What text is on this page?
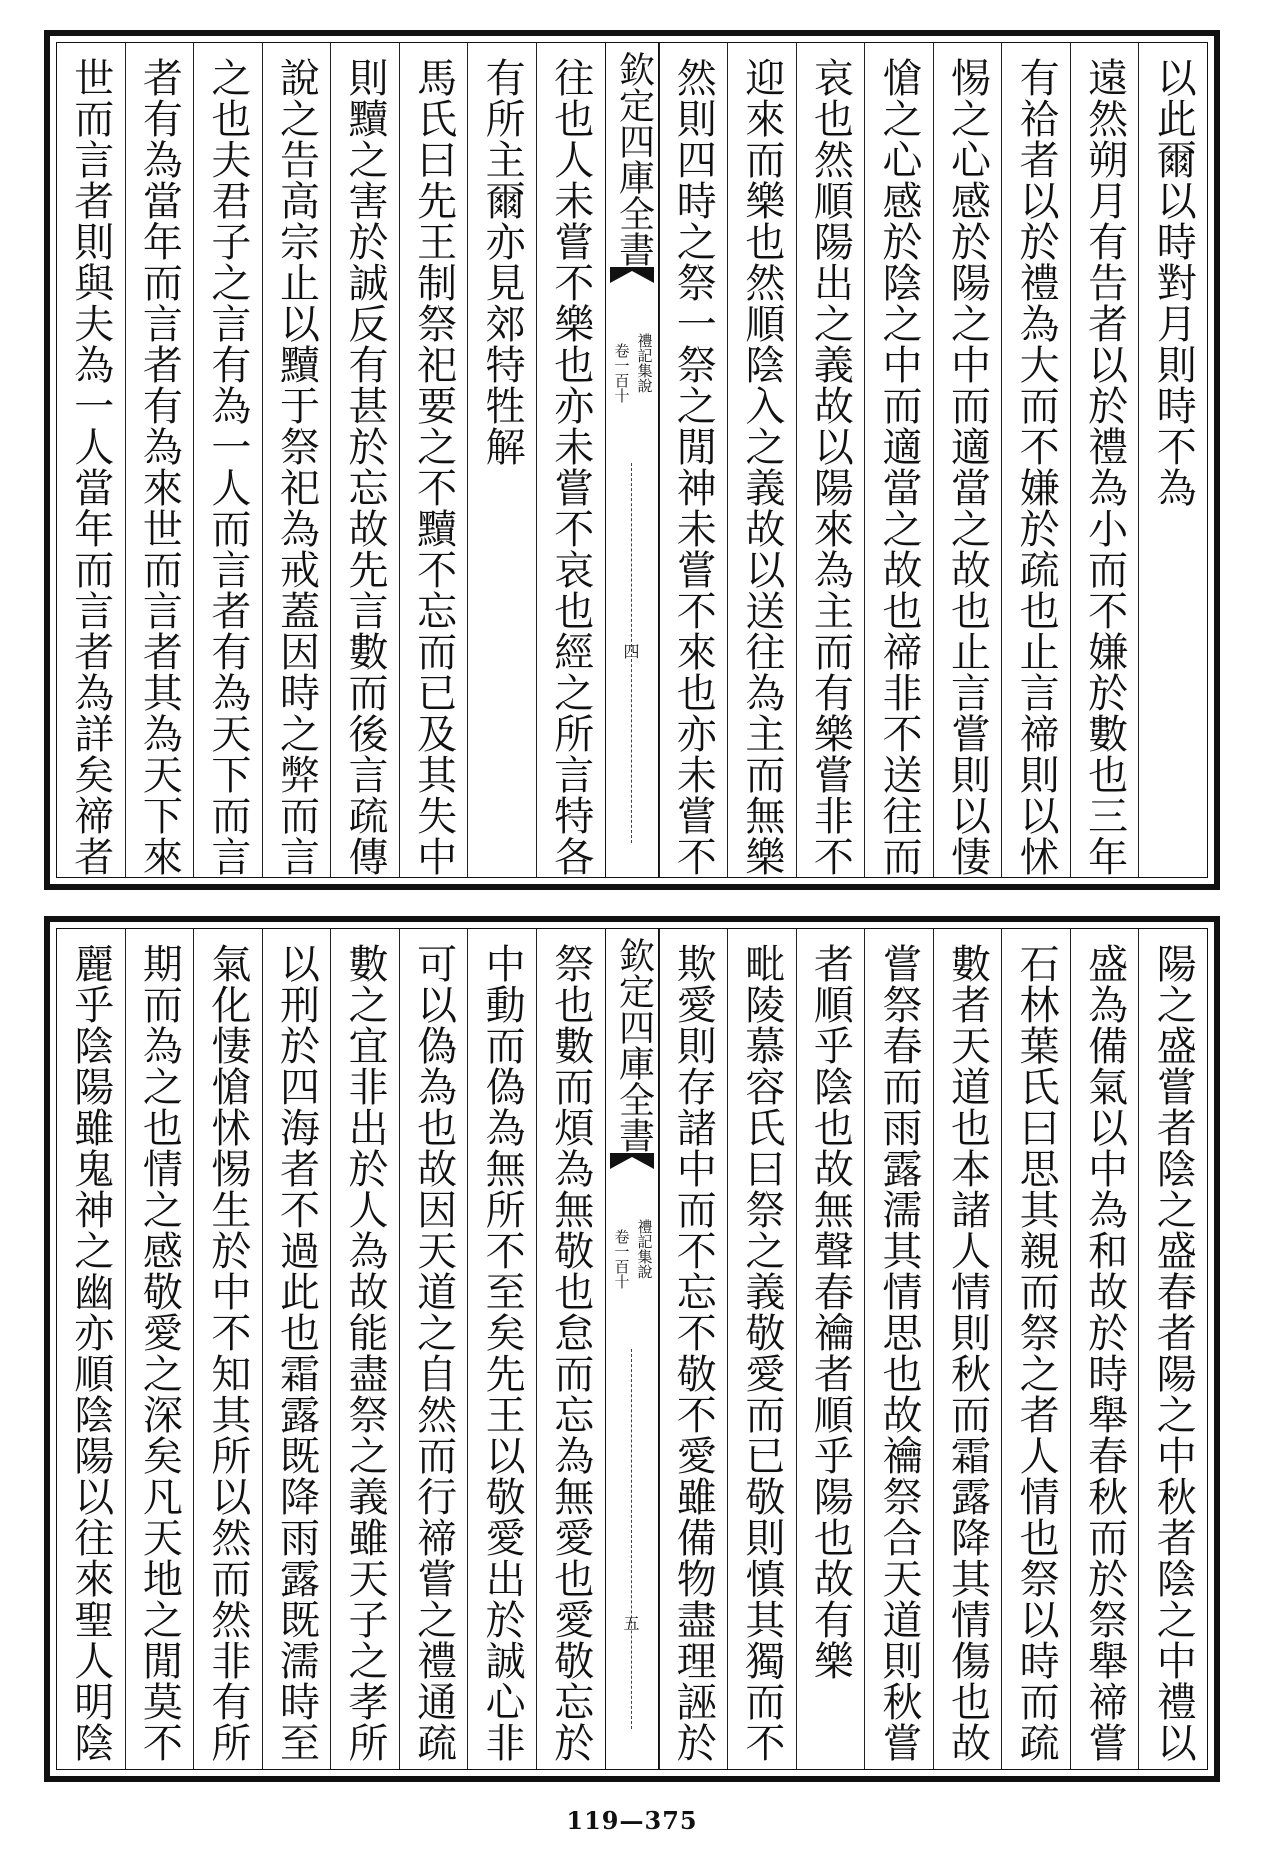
以此爾以時對月則時不為
遠然朔月有告者以於禮為小而不嫌於數也三年
有祫者以於禮為大而不嫌於疏也止言禘則以怵
惕之心感於陽之中而適當之故也止言嘗則以悽
愴之心感於陰之中而適當之故也禘非不送往而
哀也然順陽出之義故以陽來為主而有樂嘗非不
迎來而樂也然順陰入之義故以送往為主而無樂
然則四時之祭一祭之閒神未嘗不來也亦未嘗不
欽定四庫全書
禮記集說
卷一百十
四
往也人未嘗不樂也亦未嘗不哀也經之所言特各
有所主爾亦見郊特牲解
馬氏曰先王制祭祀要之不黷不忘而已及其失中
則黷之害於誠反有甚於忘故先言數而後言疏傳
說之告高宗止以黷于祭祀為戒蓋因時之弊而言
之也夫君子之言有為一人而言者有為天下而言
者有為當年而言者有為來世而言者其為天下來
世而言者則與夫為一人當年而言者為詳矣禘者
陽之盛嘗者陰之盛春者陽之中秋者陰之中禮以
盛為備氣以中為和故於時舉春秋而於祭舉禘嘗
石林葉氏曰思其親而祭之者人情也祭以時而疏
數者天道也本諸人情則秋而霜露降其情傷也故
嘗祭春而雨露濡其情思也故禴祭合天道則秋嘗
者順乎陰也故無聲春禴者順乎陽也故有樂
毗陵慕容氏曰祭之義敬愛而已敬則慎其獨而不
欺愛則存諸中而不忘不敬不愛雖備物盡理誣於
欽定四庫全書
禮記集說
卷一百十
五
祭也數而煩為無敬也怠而忘為無愛也愛敬忘於
中動而偽為無所不至矣先王以敬愛出於誠心非
可以偽為也故因天道之自然而行禘嘗之禮通疏
數之宜非出於人為故能盡祭之義雖天子之孝所
以刑於四海者不過此也霜露既降雨露既濡時至
氣化悽愴怵惕生於中不知其所以然而然非有所
期而為之也情之感敬愛之深矣凡天地之閒莫不
麗乎陰陽雖鬼神之幽亦順陰陽以往來聖人明陰
119—375
